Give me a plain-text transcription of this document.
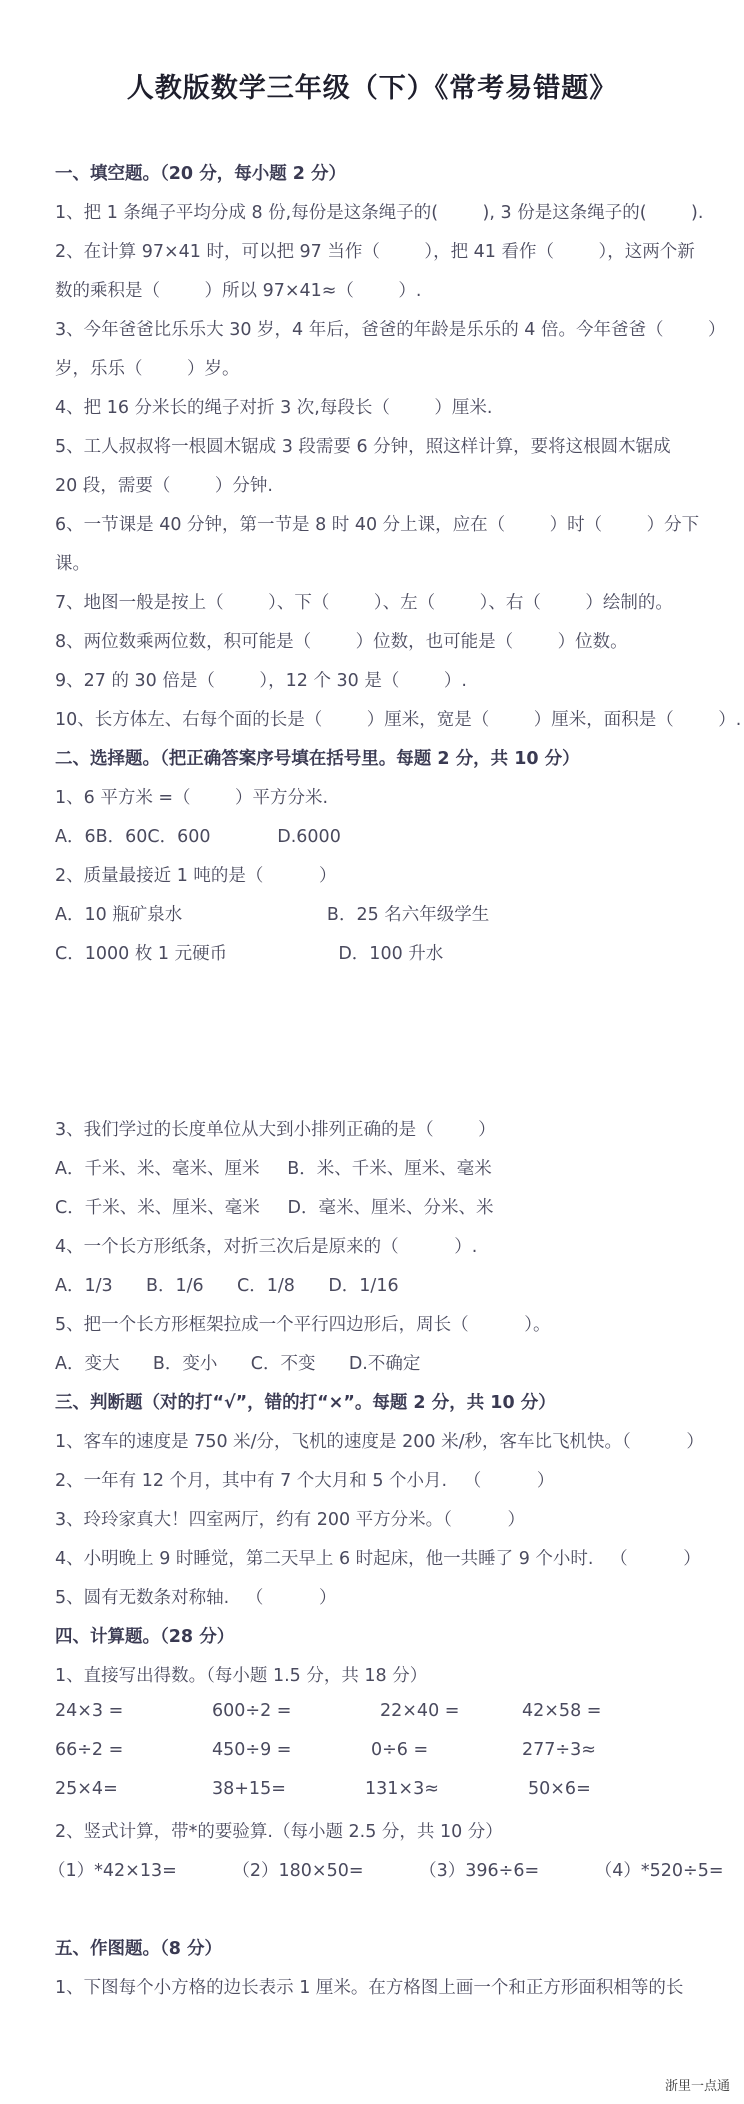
人教版数学三年级（下）《常考易错题》
一、填空题。（20 分，每小题 2 分）
1、把 1 条绳子平均分成 8 份,每份是这条绳子的(        ), 3 份是这条绳子的(        ).
2、在计算 97×41 时，可以把 97 当作（        ），把 41 看作（        ），这两个新
数的乘积是（        ）所以 97×41≈（        ）.
3、今年爸爸比乐乐大 30 岁，4 年后，爸爸的年龄是乐乐的 4 倍。今年爸爸（        ）
岁，乐乐（        ）岁。
4、把 16 分米长的绳子对折 3 次,每段长（        ）厘米.
5、工人叔叔将一根圆木锯成 3 段需要 6 分钟，照这样计算，要将这根圆木锯成
20 段，需要（        ）分钟.
6、一节课是 40 分钟，第一节是 8 时 40 分上课，应在（        ）时（        ）分下
课。
7、地图一般是按上（        ）、下（        ）、左（        ）、右（        ）绘制的。
8、两位数乘两位数，积可能是（        ）位数，也可能是（        ）位数。
9、27 的 30 倍是（        ），12 个 30 是（        ）.
10、长方体左、右每个面的长是（        ）厘米，宽是（        ）厘米，面积是（        ）.
二、选择题。（把正确答案序号填在括号里。每题 2 分，共 10 分）
1、6 平方米 =（        ）平方分米.
A．6B．60C．600            D.6000
2、质量最接近 1 吨的是（          ）
A．10 瓶矿泉水                          B．25 名六年级学生
C．1000 枚 1 元硬币                    D．100 升水
3、我们学过的长度单位从大到小排列正确的是（        ）
A．千米、米、毫米、厘米     B．米、千米、厘米、毫米
C．千米、米、厘米、毫米     D．毫米、厘米、分米、米
4、一个长方形纸条，对折三次后是原来的（          ）.
A．1/3      B．1/6      C．1/8      D．1/16
5、把一个长方形框架拉成一个平行四边形后，周长（          ）。
A．变大      B．变小      C．不变      D.不确定
三、判断题（对的打“√”，错的打“×”。每题 2 分，共 10 分）
1、客车的速度是 750 米/分，飞机的速度是 200 米/秒，客车比飞机快。（          ）
2、一年有 12 个月，其中有 7 个大月和 5 个小月.   （          ）
3、玲玲家真大！四室两厅，约有 200 平方分米。（          ）
4、小明晚上 9 时睡觉，第二天早上 6 时起床，他一共睡了 9 个小时.   （          ）
5、圆有无数条对称轴.   （          ）
四、计算题。（28 分）
1、直接写出得数。（每小题 1.5 分，共 18 分）
24×3 =	600÷2 =	22×40 =	42×58 =
66÷2 =	450÷9 =	0÷6 =	277÷3≈
25×4=	38+15=	131×3≈	50×6=
2、竖式计算，带*的要验算.（每小题 2.5 分，共 10 分）
（1）*42×13=          （2）180×50=          （3）396÷6=          （4）*520÷5=
五、作图题。（8 分）
1、下图每个小方格的边长表示 1 厘米。在方格图上画一个和正方形面积相等的长
浙里一点通
